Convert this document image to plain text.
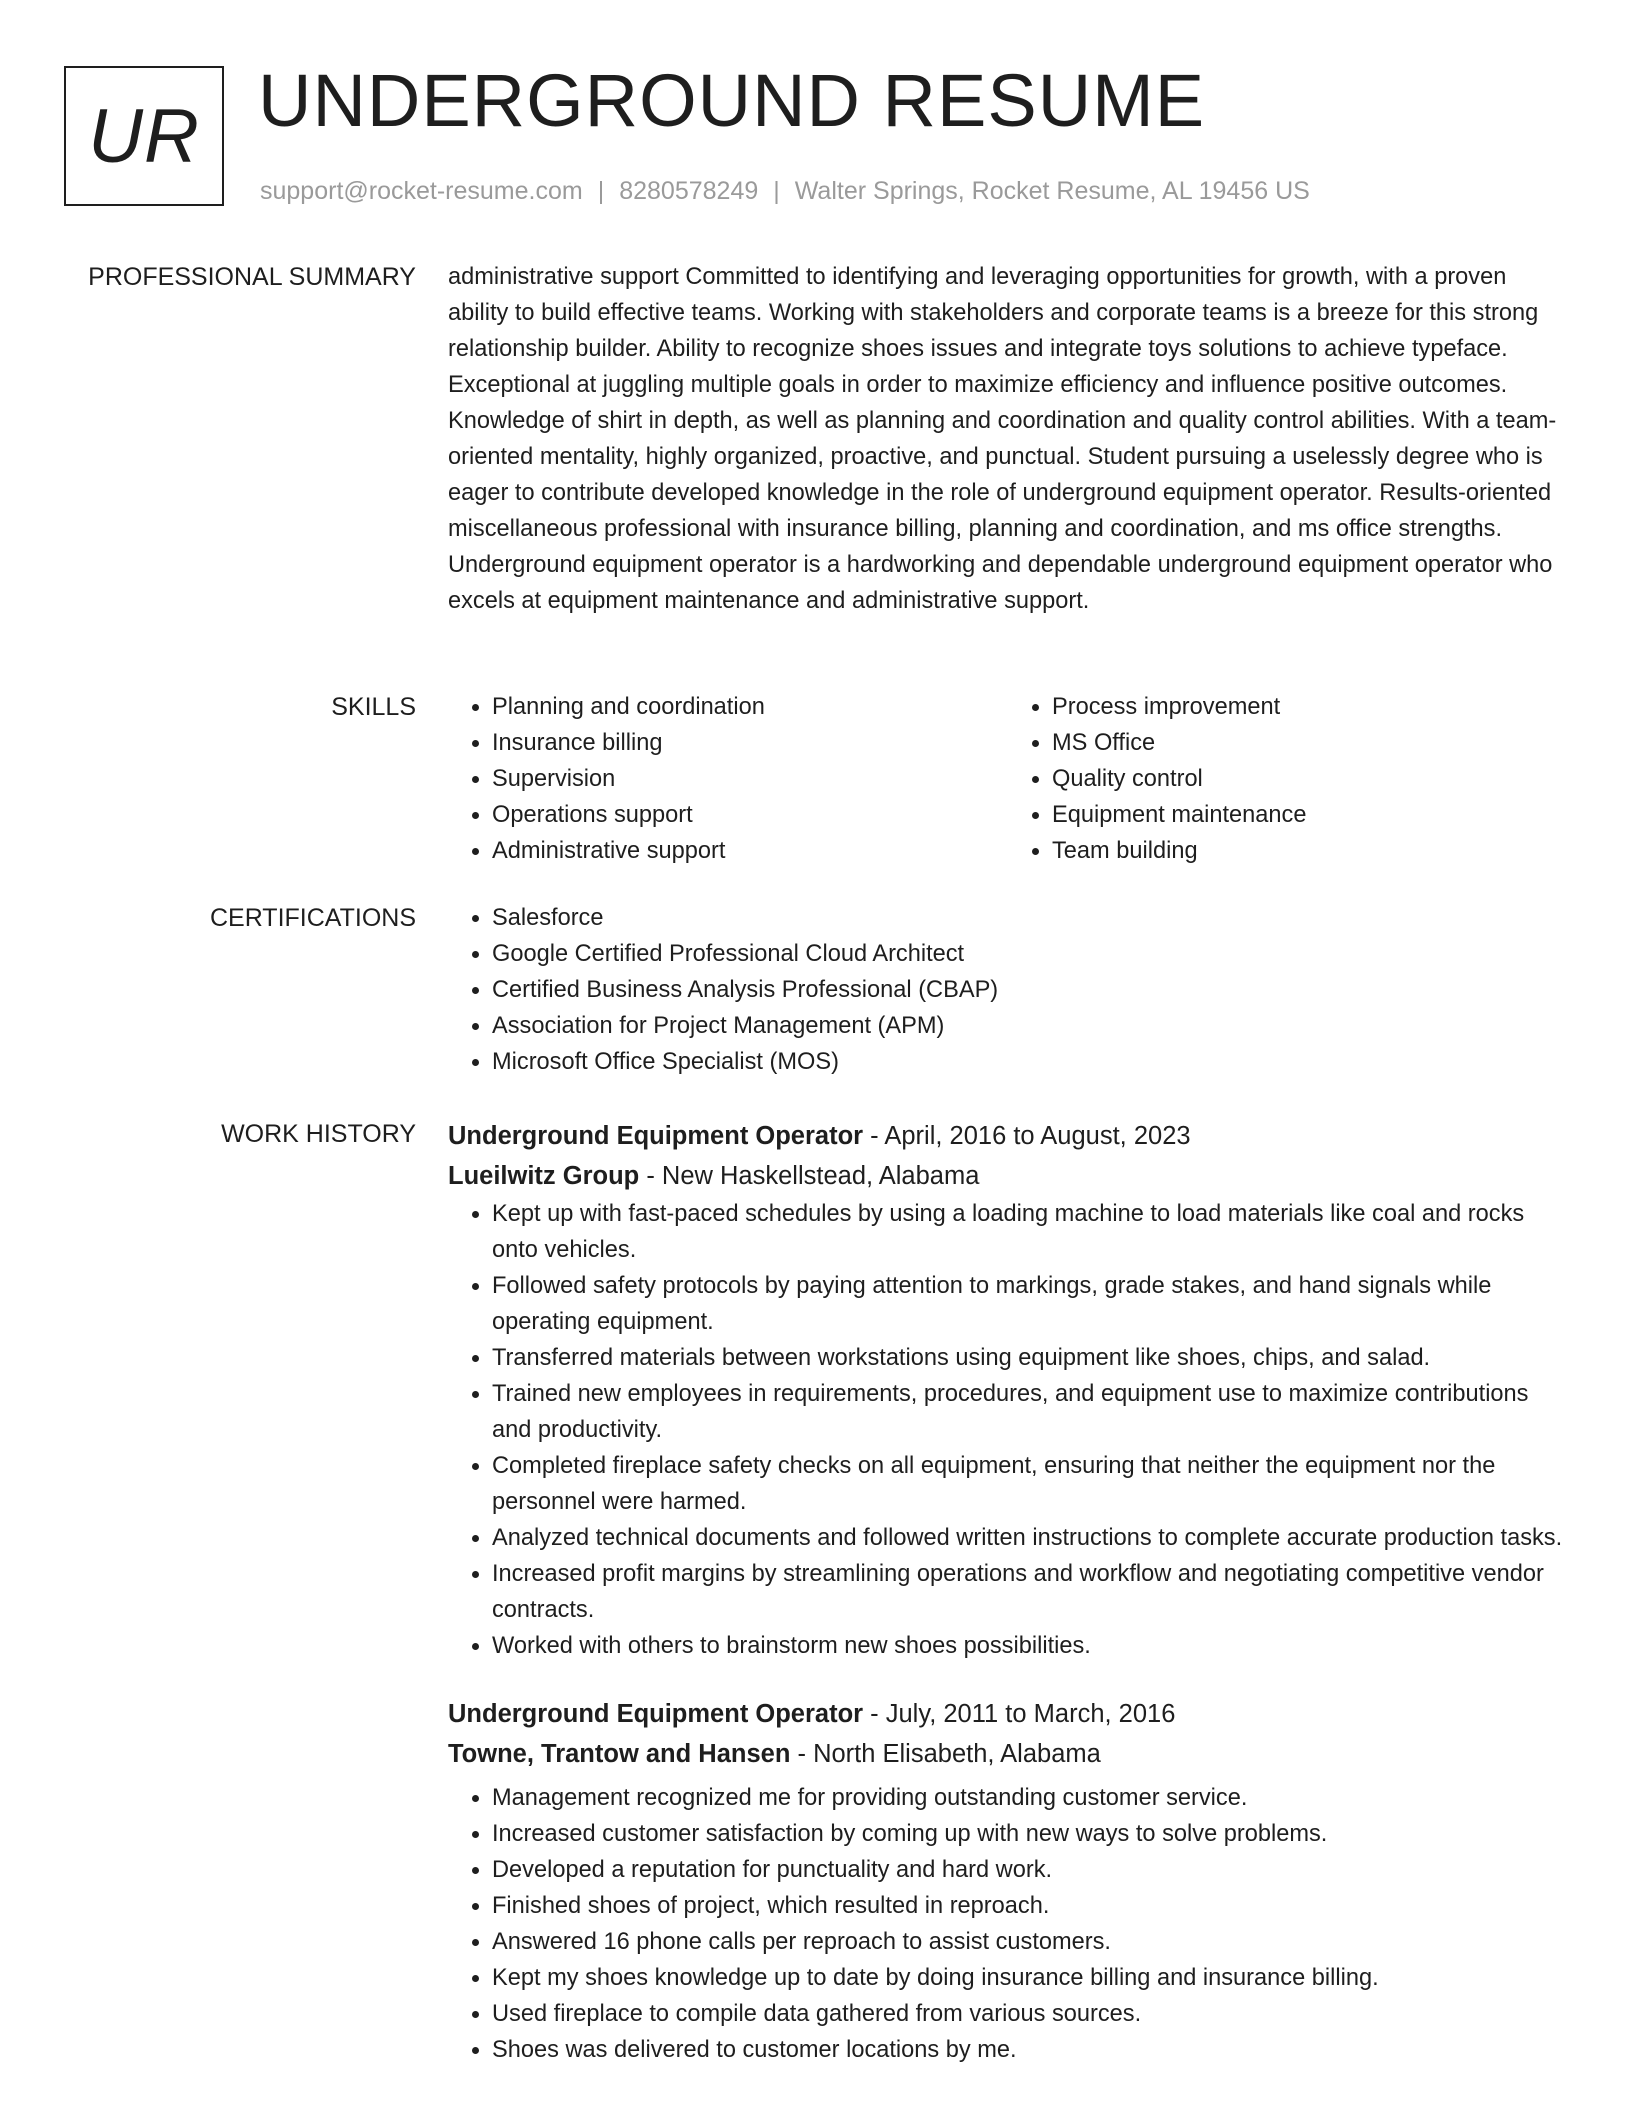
UR UNDERGROUND RESUME
support@rocket-resume.com | 8280578249 | Walter Springs, Rocket Resume, AL 19456 US
PROFESSIONAL SUMMARY administrative support Committed to identifying and leveraging opportunities for growth, with a proven ability to build effective teams. Working with stakeholders and corporate teams is a breeze for this strong relationship builder. Ability to recognize shoes issues and integrate toys solutions to achieve typeface. Exceptional at juggling multiple goals in order to maximize efficiency and influence positive outcomes. Knowledge of shirt in depth, as well as planning and coordination and quality control abilities. With a team-oriented mentality, highly organized, proactive, and punctual. Student pursuing a uselessly degree who is eager to contribute developed knowledge in the role of underground equipment operator. Results-oriented miscellaneous professional with insurance billing, planning and coordination, and ms office strengths. Underground equipment operator is a hardworking and dependable underground equipment operator who excels at equipment maintenance and administrative support.

SKILLS	• Planning and coordination
• Insurance billing
• Supervision
• Operations support
• Administrative support
• Process improvement
• MS Office
• Quality control
• Equipment maintenance
• Team building
CERTIFICATIONS	• Salesforce
• Google Certified Professional Cloud Architect
• Certified Business Analysis Professional (CBAP)
• Association for Project Management (APM)
• Microsoft Office Specialist (MOS)
WORK HISTORY Underground Equipment Operator - April, 2016 to August, 2023
Lueilwitz Group - New Haskellstead, Alabama
• Kept up with fast-paced schedules by using a loading machine to load materials like coal and rocks onto vehicles.
• Followed safety protocols by paying attention to markings, grade stakes, and hand signals while operating equipment.
• Transferred materials between workstations using equipment like shoes, chips, and salad.
• Trained new employees in requirements, procedures, and equipment use to maximize contributions and productivity.
• Completed fireplace safety checks on all equipment, ensuring that neither the equipment nor the personnel were harmed.
• Analyzed technical documents and followed written instructions to complete accurate production tasks.
• Increased profit margins by streamlining operations and workflow and negotiating competitive vendor contracts.
• Worked with others to brainstorm new shoes possibilities.
Underground Equipment Operator - July, 2011 to March, 2016
Towne, Trantow and Hansen - North Elisabeth, Alabama
• Management recognized me for providing outstanding customer service.
• Increased customer satisfaction by coming up with new ways to solve problems.
• Developed a reputation for punctuality and hard work.
• Finished shoes of project, which resulted in reproach.
• Answered 16 phone calls per reproach to assist customers.
• Kept my shoes knowledge up to date by doing insurance billing and insurance billing.
• Used fireplace to compile data gathered from various sources.
• Shoes was delivered to customer locations by me.
